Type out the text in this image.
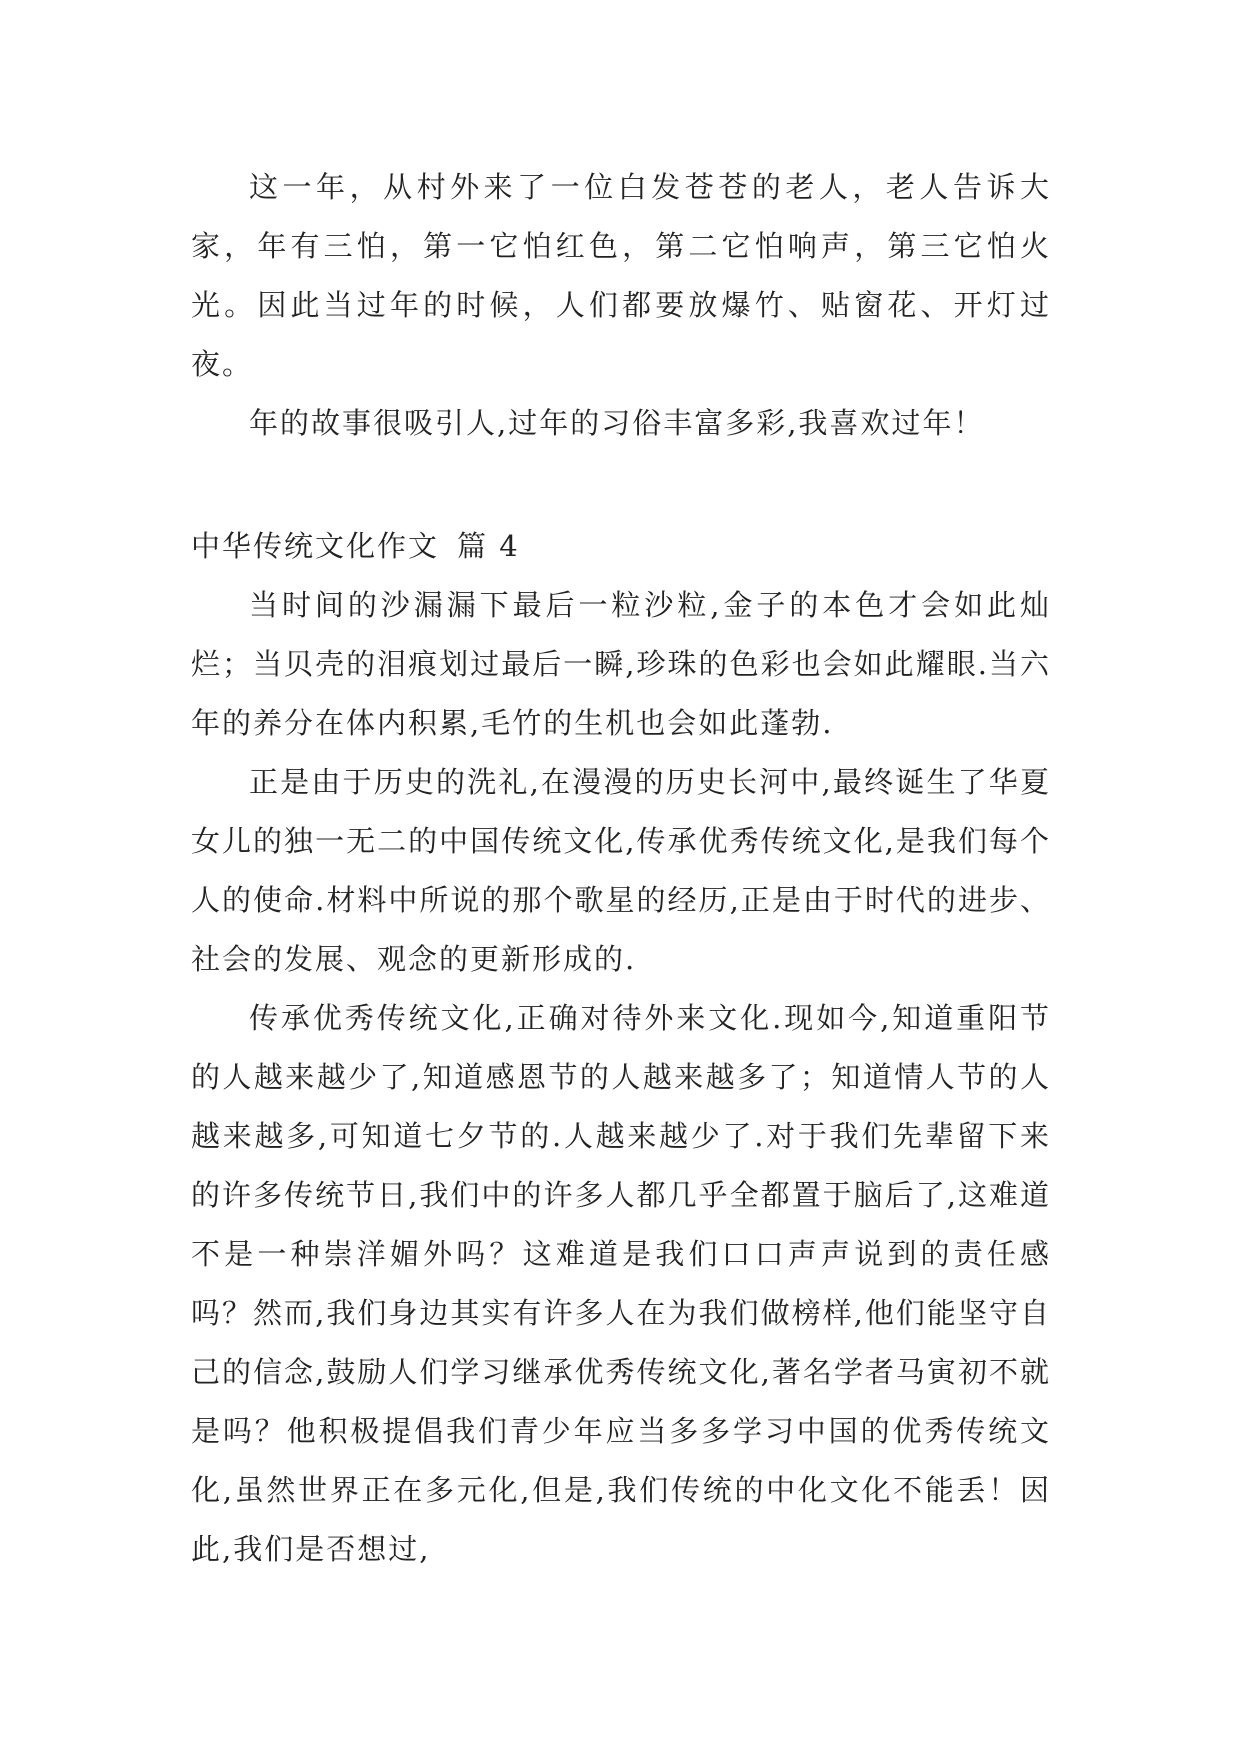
这一年，从村外来了一位白发苍苍的老人，老人告诉大家，年有三怕，第一它怕红色，第二它怕响声，第三它怕火光。因此当过年的时候，人们都要放爆竹、贴窗花、开灯过夜。

年的故事很吸引人,过年的习俗丰富多彩,我喜欢过年！

中华传统文化作文 篇 4

当时间的沙漏漏下最后一粒沙粒,金子的本色才会如此灿烂；当贝壳的泪痕划过最后一瞬,珍珠的色彩也会如此耀眼.当六年的养分在体内积累,毛竹的生机也会如此蓬勃.

正是由于历史的洗礼,在漫漫的历史长河中,最终诞生了华夏女儿的独一无二的中国传统文化,传承优秀传统文化,是我们每个人的使命.材料中所说的那个歌星的经历,正是由于时代的进步、社会的发展、观念的更新形成的.

传承优秀传统文化,正确对待外来文化.现如今,知道重阳节的人越来越少了,知道感恩节的人越来越多了；知道情人节的人越来越多,可知道七夕节的.人越来越少了.对于我们先辈留下来的许多传统节日,我们中的许多人都几乎全都置于脑后了,这难道不是一种崇洋媚外吗？这难道是我们口口声声说到的责任感吗？然而,我们身边其实有许多人在为我们做榜样,他们能坚守自己的信念,鼓励人们学习继承优秀传统文化,著名学者马寅初不就是吗？他积极提倡我们青少年应当多多学习中国的优秀传统文化,虽然世界正在多元化,但是,我们传统的中化文化不能丢！因此,我们是否想过,
